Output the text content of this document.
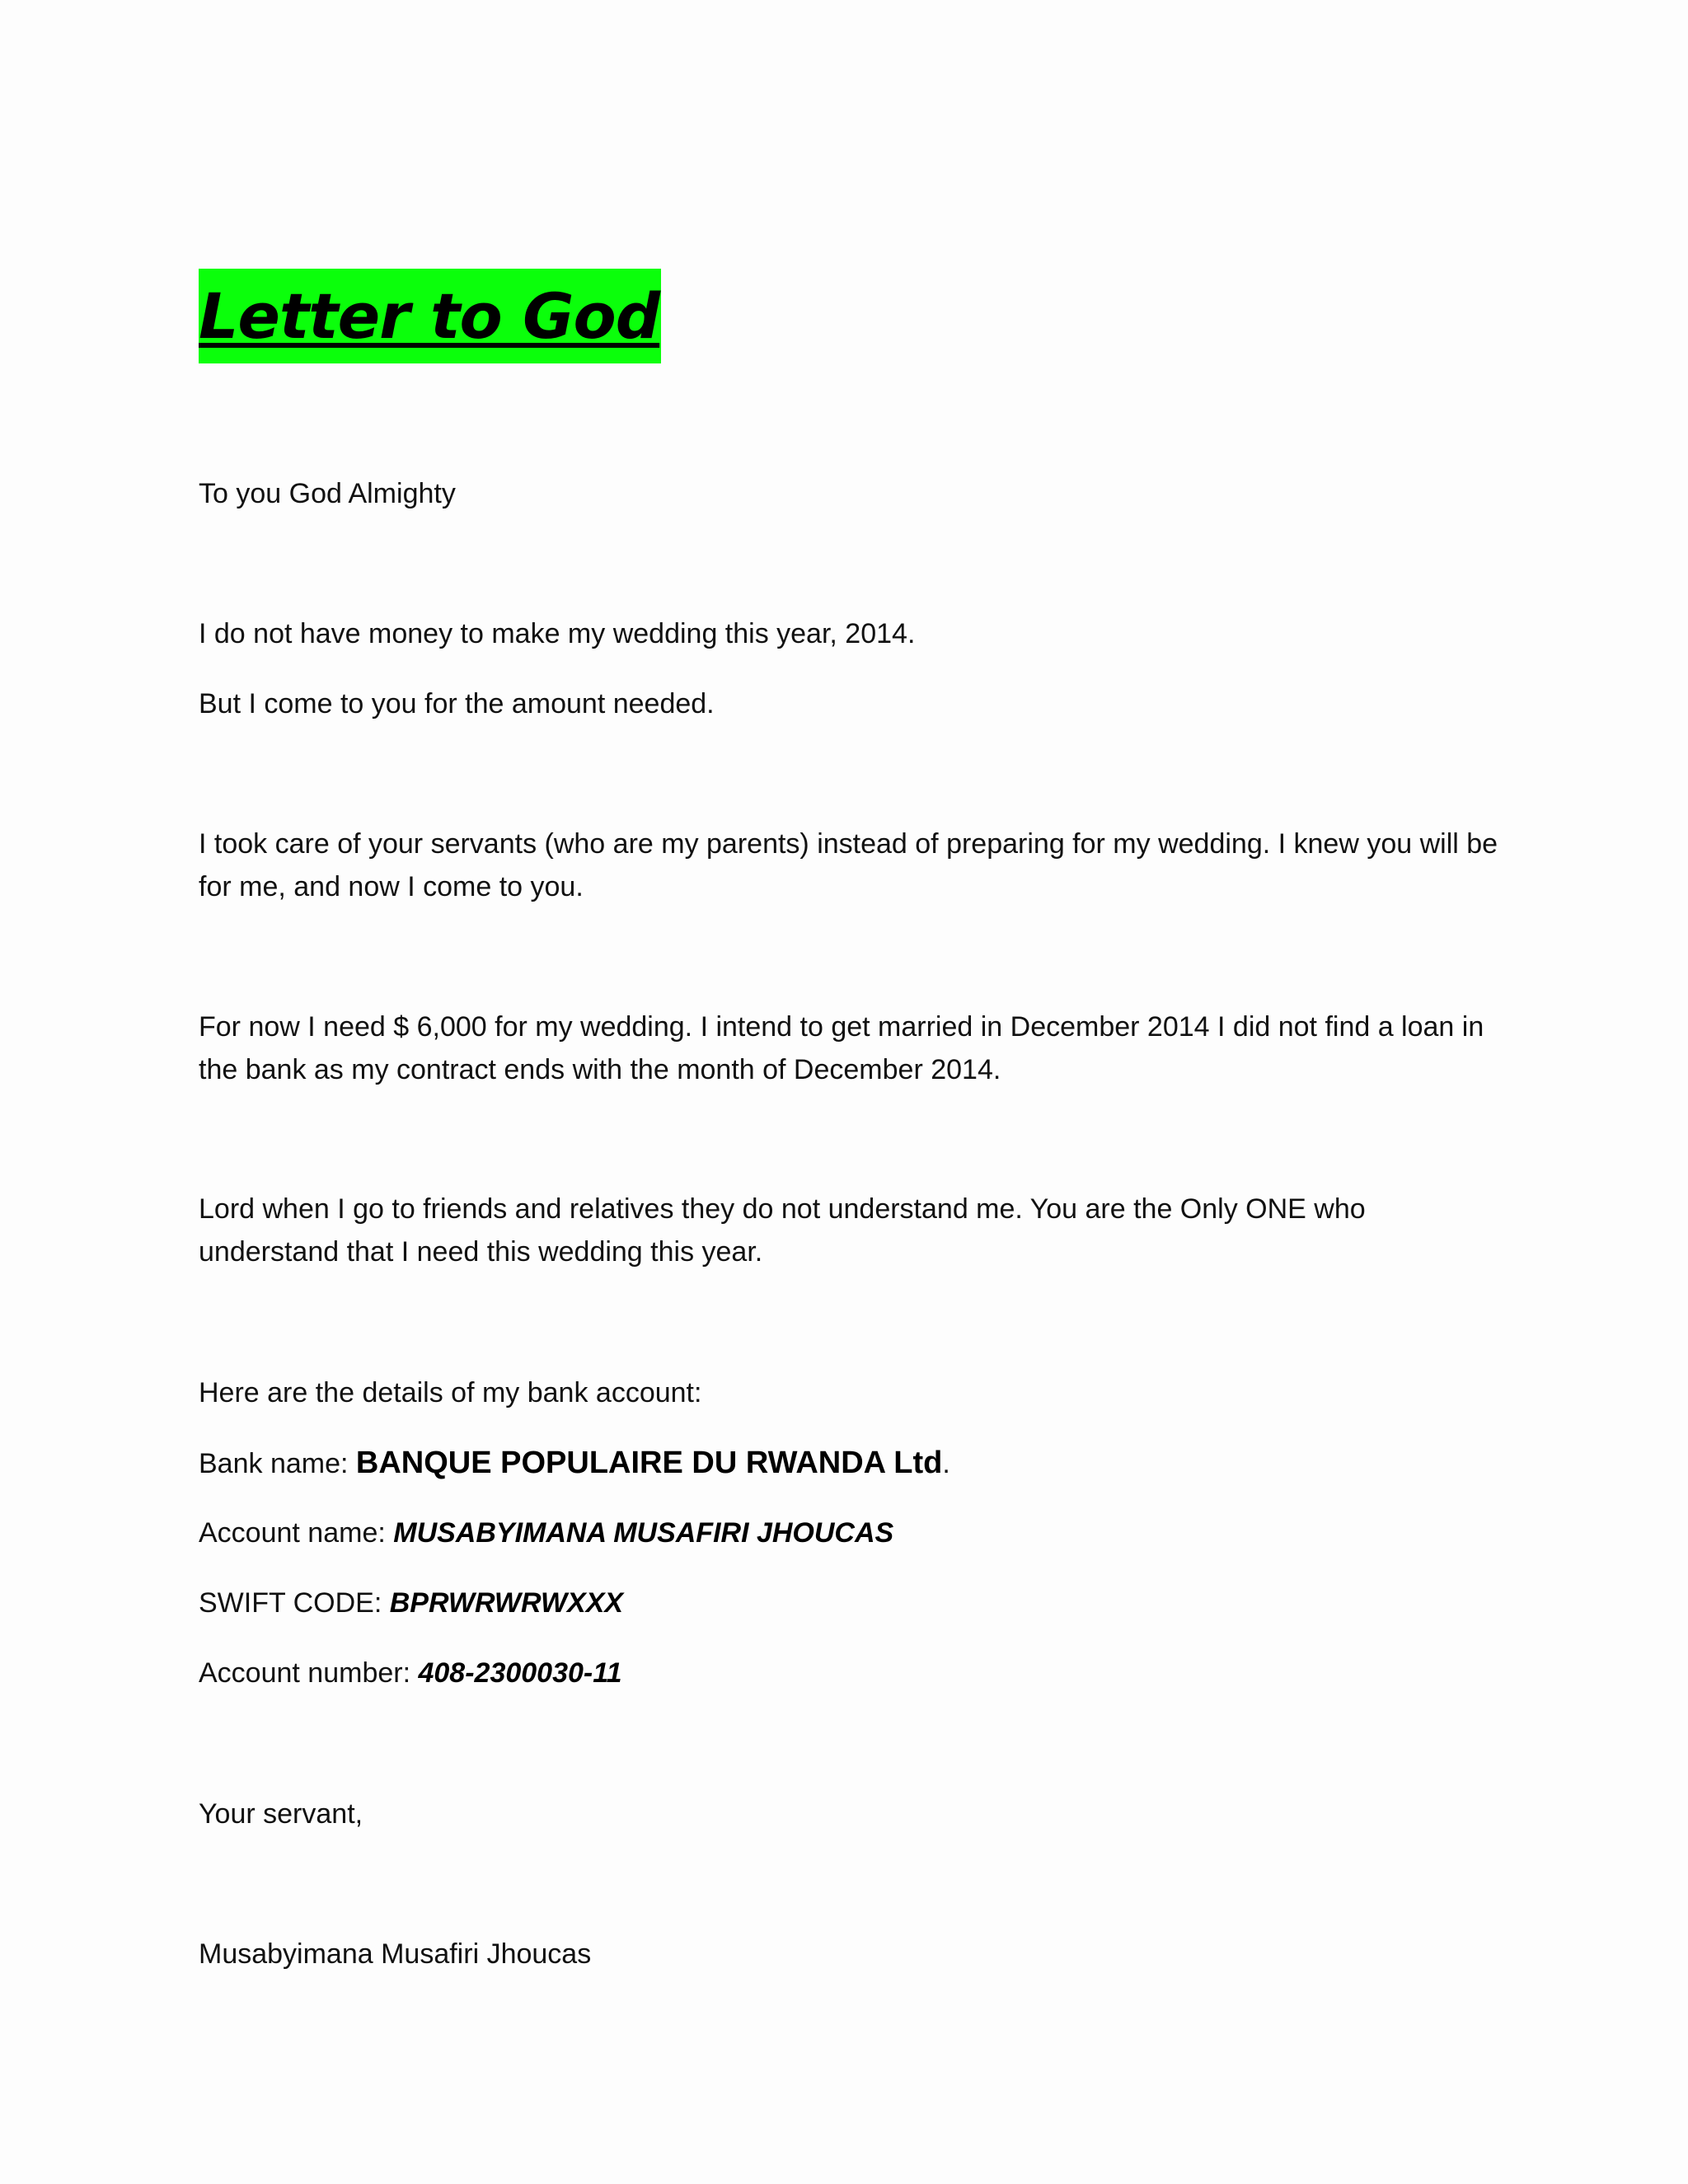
Letter to God
To you God Almighty
I do not have money to make my wedding this year, 2014.
But I come to you for the amount needed.
I took care of your servants (who are my parents) instead of preparing for my wedding. I knew you will be for me, and now I come to you.
For now I need $ 6,000 for my wedding. I intend to get married in December 2014 I did not find a loan in the bank as my contract ends with the month of December 2014.
Lord when I go to friends and relatives they do not understand me. You are the Only ONE who understand that I need this wedding this year.
Here are the details of my bank account:
Bank name: BANQUE POPULAIRE DU RWANDA Ltd.
Account name: MUSABYIMANA MUSAFIRI JHOUCAS
SWIFT CODE: BPRWRWRWXXX
Account number: 408-2300030-11
Your servant,
Musabyimana Musafiri Jhoucas
